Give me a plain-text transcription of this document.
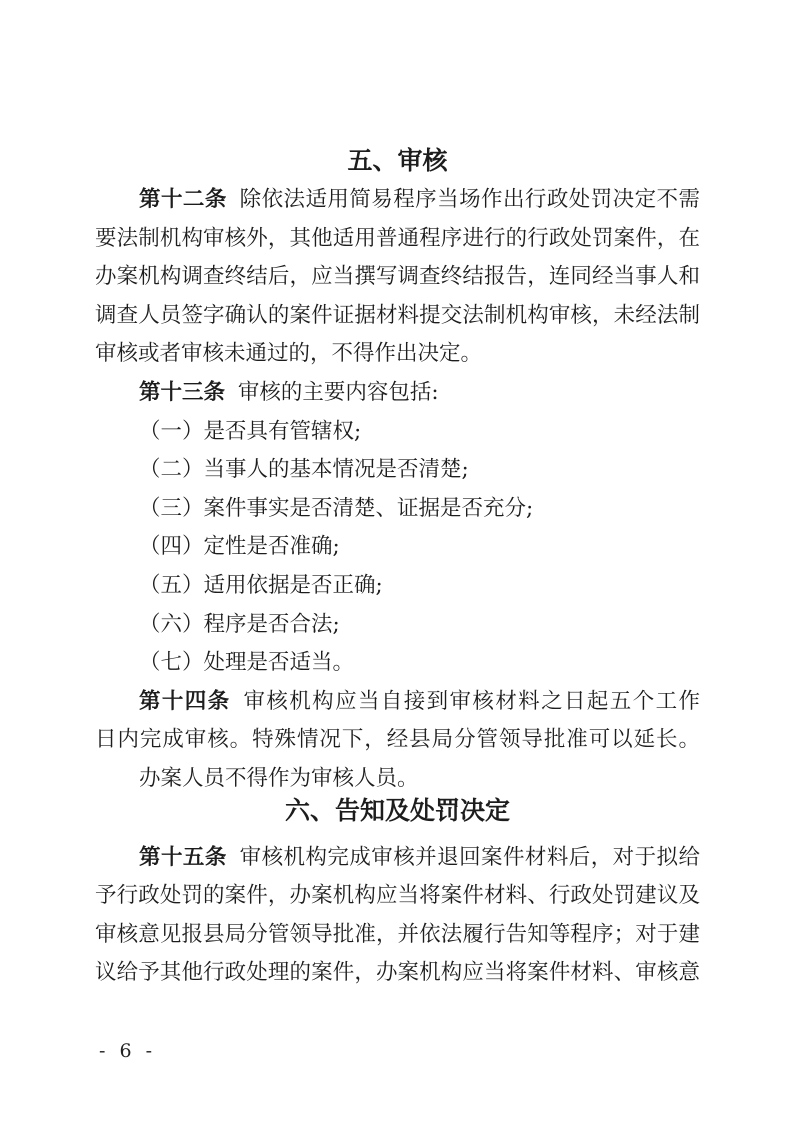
五、审核

第十二条 除依法适用简易程序当场作出行政处罚决定不需

要法制机构审核外，其他适用普通程序进行的行政处罚案件，在

办案机构调查终结后，应当撰写调查终结报告，连同经当事人和

调查人员签字确认的案件证据材料提交法制机构审核，未经法制

审核或者审核未通过的，不得作出决定。

第十三条 审核的主要内容包括:

（一）是否具有管辖权;

（二）当事人的基本情况是否清楚;

（三）案件事实是否清楚、证据是否充分;

（四）定性是否准确;

（五）适用依据是否正确;

（六）程序是否合法;

（七）处理是否适当。

第十四条 审核机构应当自接到审核材料之日起五个工作

日内完成审核。特殊情况下，经县局分管领导批准可以延长。

办案人员不得作为审核人员。

六、告知及处罚决定

第十五条 审核机构完成审核并退回案件材料后，对于拟给

予行政处罚的案件，办案机构应当将案件材料、行政处罚建议及

审核意见报县局分管领导批准，并依法履行告知等程序；对于建

议给予其他行政处理的案件，办案机构应当将案件材料、审核意

- 6 -
